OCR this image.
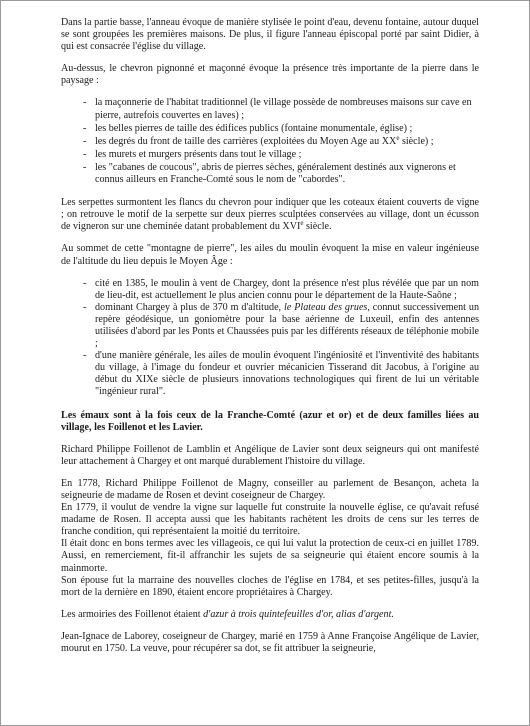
Dans la partie basse, l'anneau évoque de manière stylisée le point d'eau, devenu fontaine, autour duquel se sont groupées les premières maisons. De plus, il figure l'anneau épiscopal porté par saint Didier, à qui est consacrée l'église du village.

Au-dessus, le chevron pignonné et maçonné évoque la présence très importante de la pierre dans le paysage :

- la maçonnerie de l'habitat traditionnel (le village possède de nombreuses maisons sur cave en pierre, autrefois couvertes en laves) ;
- les belles pierres de taille des édifices publics (fontaine monumentale, église) ;
- les degrés du front de taille des carrières (exploitées du Moyen Age au XXe siècle) ;
- les murets et murgers présents dans tout le village ;
- les "cabanes de coucous", abris de pierres sèches, généralement destinés aux vignerons et connus ailleurs en Franche-Comté sous le nom de "cabordes".

Les serpettes surmontent les flancs du chevron pour indiquer que les coteaux étaient couverts de vigne ; on retrouve le motif de la serpette sur deux pierres sculptées conservées au village, dont un écusson de vigneron sur une cheminée datant probablement du XVIe siècle.

Au sommet de cette "montagne de pierre", les ailes du moulin évoquent la mise en valeur ingénieuse de l'altitude du lieu depuis le Moyen Âge :

- cité en 1385, le moulin à vent de Chargey, dont la présence n'est plus révélée que par un nom de lieu-dit, est actuellement le plus ancien connu pour le département de la Haute-Saône ;
- dominant Chargey à plus de 370 m d'altitude, le Plateau des grues, connut successivement un repère géodésique, un goniomètre pour la base aérienne de Luxeuil, enfin des antennes utilisées d'abord par les Ponts et Chaussées puis par les différents réseaux de téléphonie mobile ;
- d'une manière générale, les ailes de moulin évoquent l'ingéniosité et l'inventivité des habitants du village, à l'image du fondeur et ouvrier mécanicien Tisserand dit Jacobus, à l'origine au début du XIXe siècle de plusieurs innovations technologiques qui firent de lui un véritable "ingénieur rural".

Les émaux sont à la fois ceux de la Franche-Comté (azur et or) et de deux familles liées au village, les Foillenot et les Lavier.

Richard Philippe Foillenot de Lamblin et Angélique de Lavier sont deux seigneurs qui ont manifesté leur attachement à Chargey et ont marqué durablement l'histoire du village.

En 1778, Richard Philippe Foillenot de Magny, conseiller au parlement de Besançon, acheta la seigneurie de madame de Rosen et devint coseigneur de Chargey.

En 1779, il voulut de vendre la vigne sur laquelle fut construite la nouvelle église, ce qu'avait refusé madame de Rosen. Il accepta aussi que les habitants rachètent les droits de cens sur les terres de franche condition, qui représentaient la moitié du territoire.

Il était donc en bons termes avec les villageois, ce qui lui valut la protection de ceux-ci en juillet 1789. Aussi, en remerciement, fit-il affranchir les sujets de sa seigneurie qui étaient encore soumis à la mainmorte.

Son épouse fut la marraine des nouvelles cloches de l'église en 1784, et ses petites-filles, jusqu'à la mort de la dernière en 1890, étaient encore propriétaires à Chargey.

Les armoiries des Foillenot étaient d'azur à trois quintefeuilles d'or, alias d'argent.

Jean-Ignace de Laborey, coseigneur de Chargey, marié en 1759 à Anne Françoise Angélique de Lavier, mourut en 1750. La veuve, pour récupérer sa dot, se fit attribuer la seigneurie,
